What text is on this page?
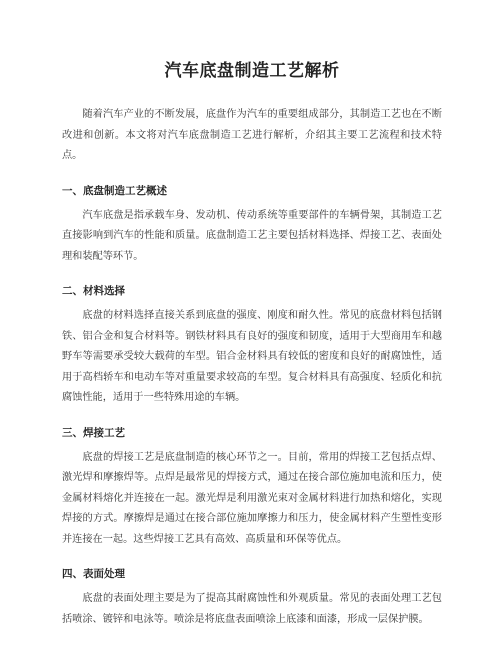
汽车底盘制造工艺解析

随着汽车产业的不断发展，底盘作为汽车的重要组成部分，其制造工艺也在不断改进和创新。本文将对汽车底盘制造工艺进行解析，介绍其主要工艺流程和技术特点。

一、底盘制造工艺概述

汽车底盘是指承载车身、发动机、传动系统等重要部件的车辆骨架，其制造工艺直接影响到汽车的性能和质量。底盘制造工艺主要包括材料选择、焊接工艺、表面处理和装配等环节。

二、材料选择

底盘的材料选择直接关系到底盘的强度、刚度和耐久性。常见的底盘材料包括钢铁、铝合金和复合材料等。钢铁材料具有良好的强度和韧度，适用于大型商用车和越野车等需要承受较大载荷的车型。铝合金材料具有较低的密度和良好的耐腐蚀性，适用于高档轿车和电动车等对重量要求较高的车型。复合材料具有高强度、轻质化和抗腐蚀性能，适用于一些特殊用途的车辆。

三、焊接工艺

底盘的焊接工艺是底盘制造的核心环节之一。目前，常用的焊接工艺包括点焊、激光焊和摩擦焊等。点焊是最常见的焊接方式，通过在接合部位施加电流和压力，使金属材料熔化并连接在一起。激光焊是利用激光束对金属材料进行加热和熔化，实现焊接的方式。摩擦焊是通过在接合部位施加摩擦力和压力，使金属材料产生塑性变形并连接在一起。这些焊接工艺具有高效、高质量和环保等优点。

四、表面处理

底盘的表面处理主要是为了提高其耐腐蚀性和外观质量。常见的表面处理工艺包括喷涂、镀锌和电泳等。喷涂是将底盘表面喷涂上底漆和面漆，形成一层保护膜。
